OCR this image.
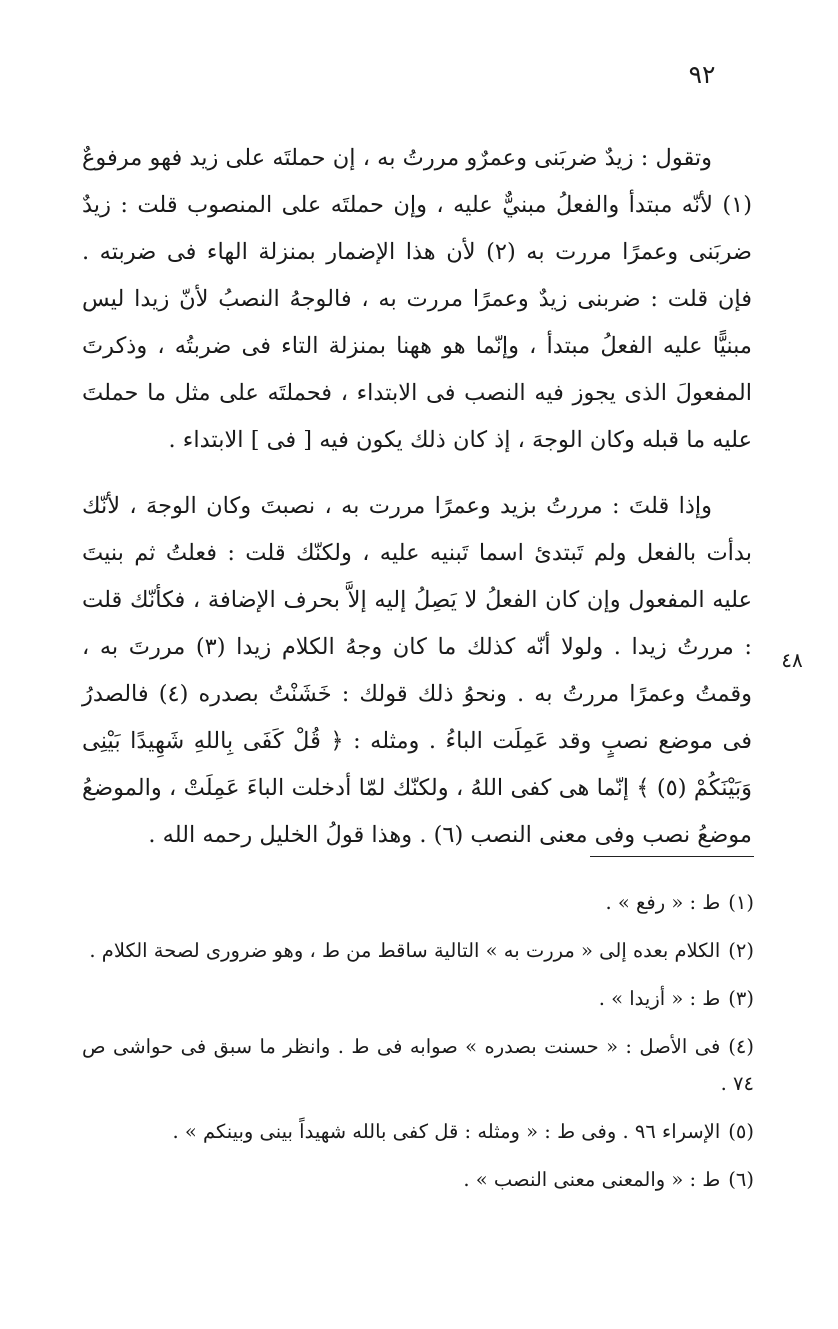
٩٢

وتقول : زيدٌ ضربَنى وعمرٌو مررتُ به ، إن حملتَه على زيد فهو مرفوعٌ (١) لأنّه مبتدأ والفعلُ مبنيٌّ عليه ، وإن حملتَه على المنصوب قلت : زيدٌ ضربَنى وعمرًا مررت به (٢) لأن هذا الإضمار بمنزلة الهاء فى ضربته . فإن قلت : ضربنى زيدٌ وعمرًا مررت به ، فالوجهُ النصبُ لأنّ زيدا ليس مبنيًّا عليه الفعلُ مبتدأ ، وإنّما هو ههنا بمنزلة التاء فى ضربتُه ، وذكرتَ المفعولَ الذى يجوز فيه النصب فى الابتداء ، فحملتَه على مثل ما حملتَ عليه ما قبله وكان الوجهَ ، إذ كان ذلك يكون فيه [ فى ] الابتداء .

وإذا قلتَ : مررتُ بزيد وعمرًا مررت به ، نصبتَ وكان الوجهَ ، لأنّك بدأت بالفعل ولم تَبتدئ اسما تَبنيه عليه ، ولكنّك قلت : فعلتُ ثم بنيتَ عليه المفعول وإن كان الفعلُ لا يَصِلُ إليه إلاَّ بحرف الإضافة ، فكأنّك قلت : مررتُ زيدا . ولولا أنّه كذلك ما كان وجهُ الكلام زيدا (٣) مررتَ به ، وقمتُ وعمرًا مررتُ به . ونحوُ ذلك قولك : خَشَنْتُ بصدره (٤) فالصدرُ فى موضع نصبٍ وقد عَمِلَت الباءُ . ومثله : ﴿ قُلْ كَفَى بِاللهِ شَهِيدًا بَيْنِى وَبَيْنَكُمْ (٥) ﴾ إنّما هى كفى اللهُ ، ولكنّك لمّا أدخلت الباءَ عَمِلَتْ ، والموضعُ موضعُ نصب وفى معنى النصب (٦) . وهذا قولُ الخليل رحمه الله .

٤٨

(١)ط : « رفع » .

(٢)الكلام بعده إلى « مررت به » التالية ساقط من ط ، وهو ضرورى لصحة الكلام .

(٣)ط : « أزيدا » .

(٤)فى الأصل : « حسنت بصدره » صوابه فى ط . وانظر ما سبق فى حواشى ص ٧٤ .

(٥)الإسراء ٩٦ . وفى ط : « ومثله : قل كفى بالله شهيداً بينى وبينكم » .

(٦)ط : « والمعنى معنى النصب » .
